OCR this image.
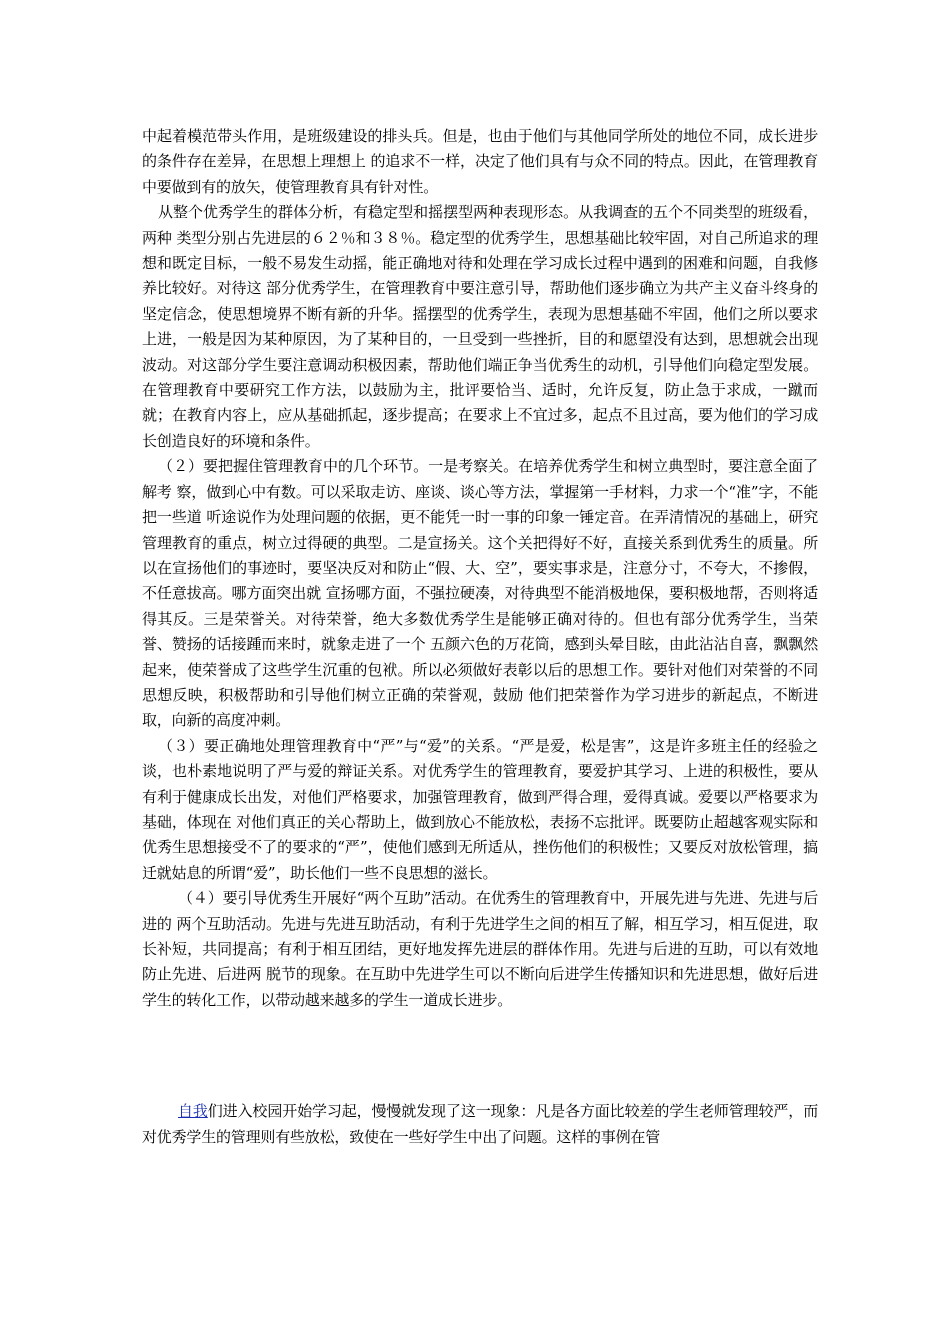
中起着模范带头作用，是班级建设的排头兵。但是，也由于他们与其他同学所处的地位不同，成长进步的条件存在差异，在思想上理想上 的追求不一样，决定了他们具有与众不同的特点。因此，在管理教育中要做到有的放矢，使管理教育具有针对性。

从整个优秀学生的群体分析，有稳定型和摇摆型两种表现形态。从我调查的五个不同类型的班级看，两种 类型分别占先进层的６２％和３８％。稳定型的优秀学生，思想基础比较牢固，对自己所追求的理想和既定目标，一般不易发生动摇，能正确地对待和处理在学习成长过程中遇到的困难和问题，自我修养比较好。对待这 部分优秀学生，在管理教育中要注意引导，帮助他们逐步确立为共产主义奋斗终身的坚定信念，使思想境界不断有新的升华。摇摆型的优秀学生，表现为思想基础不牢固，他们之所以要求上进，一般是因为某种原因，为了某种目的，一旦受到一些挫折，目的和愿望没有达到，思想就会出现波动。对这部分学生要注意调动积极因素，帮助他们端正争当优秀生的动机，引导他们向稳定型发展。在管理教育中要研究工作方法，以鼓励为主，批评要恰当、适时，允许反复，防止急于求成，一蹴而就；在教育内容上，应从基础抓起，逐步提高；在要求上不宜过多，起点不且过高，要为他们的学习成长创造良好的环境和条件。

（２）要把握住管理教育中的几个环节。一是考察关。在培养优秀学生和树立典型时，要注意全面了解考 察，做到心中有数。可以采取走访、座谈、谈心等方法，掌握第一手材料，力求一个“准”字，不能把一些道 听途说作为处理问题的依据，更不能凭一时一事的印象一锤定音。在弄清情况的基础上，研究管理教育的重点，树立过得硬的典型。二是宣扬关。这个关把得好不好，直接关系到优秀生的质量。所以在宣扬他们的事迹时，要坚决反对和防止“假、大、空”，要实事求是，注意分寸，不夸大，不掺假，不任意拔高。哪方面突出就 宣扬哪方面，不强拉硬凑，对待典型不能消极地保，要积极地帮，否则将适得其反。三是荣誉关。对待荣誉，绝大多数优秀学生是能够正确对待的。但也有部分优秀学生，当荣誉、赞扬的话接踵而来时，就象走进了一个 五颜六色的万花筒，感到头晕目眩，由此沾沾自喜，飘飘然起来，使荣誉成了这些学生沉重的包袱。所以必须做好表彰以后的思想工作。要针对他们对荣誉的不同思想反映，积极帮助和引导他们树立正确的荣誉观，鼓励 他们把荣誉作为学习进步的新起点，不断进取，向新的高度冲刺。

（３）要正确地处理管理教育中“严”与“爱”的关系。“严是爱，松是害”，这是许多班主任的经验之 谈，也朴素地说明了严与爱的辩证关系。对优秀学生的管理教育，要爱护其学习、上进的积极性，要从有利于健康成长出发，对他们严格要求，加强管理教育，做到严得合理，爱得真诚。爱要以严格要求为基础，体现在 对他们真正的关心帮助上，做到放心不能放松，表扬不忘批评。既要防止超越客观实际和优秀生思想接受不了的要求的“严”，使他们感到无所适从，挫伤他们的积极性；又要反对放松管理，搞迁就姑息的所谓“爱”，助长他们一些不良思想的滋长。

（４）要引导优秀生开展好“两个互助”活动。在优秀生的管理教育中，开展先进与先进、先进与后进的 两个互助活动。先进与先进互助活动，有利于先进学生之间的相互了解，相互学习，相互促进，取长补短，共同提高；有利于相互团结，更好地发挥先进层的群体作用。先进与后进的互助，可以有效地防止先进、后进两 脱节的现象。在互助中先进学生可以不断向后进学生传播知识和先进思想，做好后进学生的转化工作，以带动越来越多的学生一道成长进步。

自我们进入校园开始学习起，慢慢就发现了这一现象：凡是各方面比较差的学生老师管理较严，而对优秀学生的管理则有些放松，致使在一些好学生中出了问题。这样的事例在管
